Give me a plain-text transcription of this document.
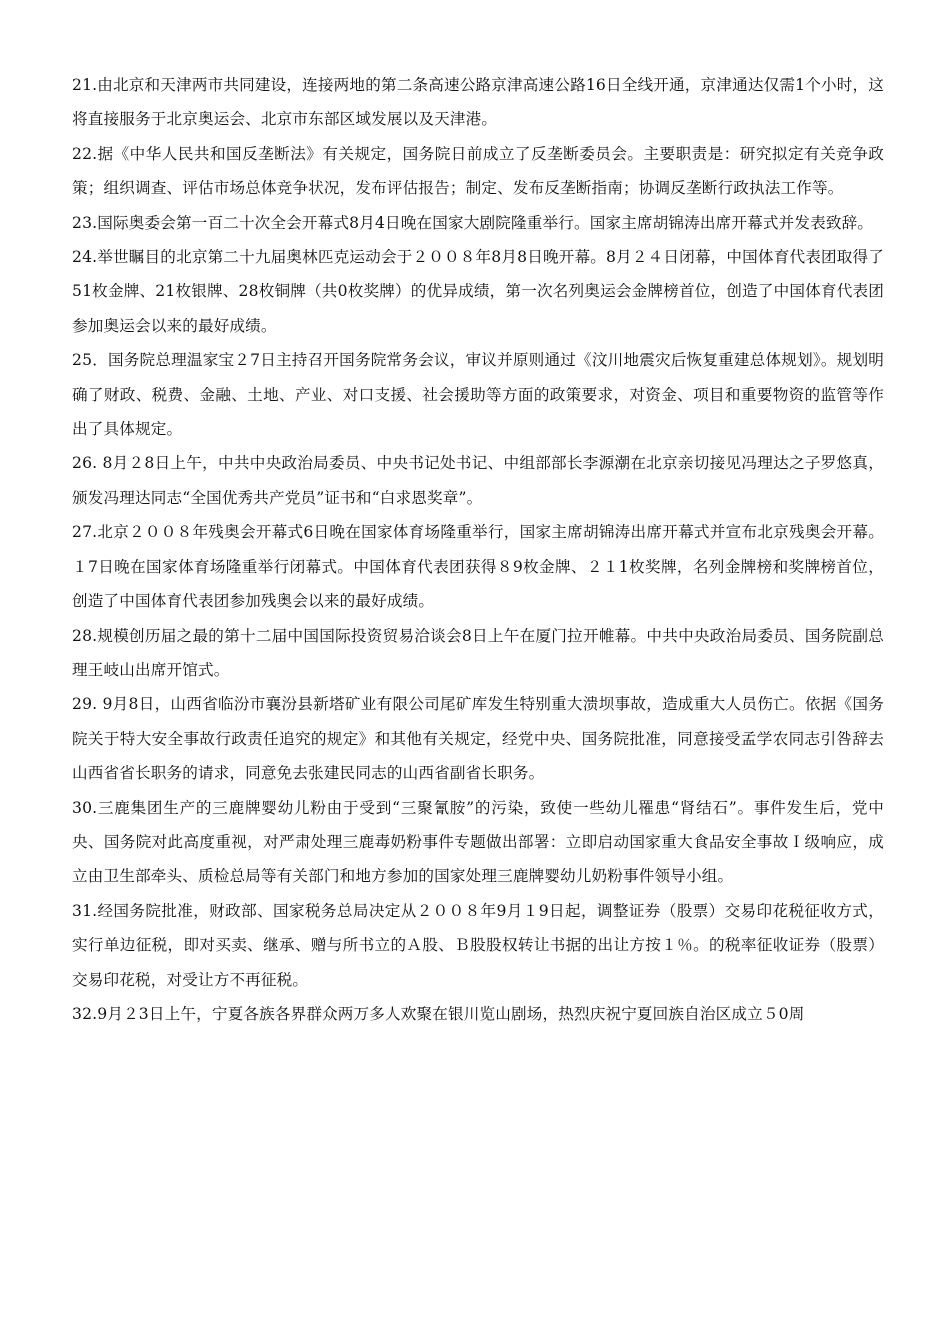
21.由北京和天津两市共同建设，连接两地的第二条高速公路京津高速公路16日全线开通，京津通达仅需1个小时，这将直接服务于北京奥运会、北京市东部区域发展以及天津港。

22.据《中华人民共和国反垄断法》有关规定，国务院日前成立了反垄断委员会。主要职责是：研究拟定有关竞争政策；组织调查、评估市场总体竞争状况，发布评估报告；制定、发布反垄断指南；协调反垄断行政执法工作等。

23.国际奥委会第一百二十次全会开幕式8月4日晚在国家大剧院隆重举行。国家主席胡锦涛出席开幕式并发表致辞。

24.举世瞩目的北京第二十九届奥林匹克运动会于２００８年8月8日晚开幕。8月２４日闭幕，中国体育代表团取得了51枚金牌、21枚银牌、28枚铜牌（共0枚奖牌）的优异成绩，第一次名列奥运会金牌榜首位，创造了中国体育代表团参加奥运会以来的最好成绩。

25．国务院总理温家宝２7日主持召开国务院常务会议，审议并原则通过《汶川地震灾后恢复重建总体规划》。规划明确了财政、税费、金融、土地、产业、对口支援、社会援助等方面的政策要求，对资金、项目和重要物资的监管等作出了具体规定。

26. 8月２8日上午，中共中央政治局委员、中央书记处书记、中组部部长李源潮在北京亲切接见冯理达之子罗悠真，颁发冯理达同志“全国优秀共产党员”证书和“白求恩奖章”。

27.北京２００８年残奥会开幕式6日晚在国家体育场隆重举行，国家主席胡锦涛出席开幕式并宣布北京残奥会开幕。１7日晚在国家体育场隆重举行闭幕式。中国体育代表团获得８9枚金牌、２１1枚奖牌，名列金牌榜和奖牌榜首位，创造了中国体育代表团参加残奥会以来的最好成绩。

28.规模创历届之最的第十二届中国国际投资贸易洽谈会8日上午在厦门拉开帷幕。中共中央政治局委员、国务院副总理王岐山出席开馆式。

29. 9月8日，山西省临汾市襄汾县新塔矿业有限公司尾矿库发生特别重大溃坝事故，造成重大人员伤亡。依据《国务院关于特大安全事故行政责任追究的规定》和其他有关规定，经党中央、国务院批准，同意接受孟学农同志引咎辞去山西省省长职务的请求，同意免去张建民同志的山西省副省长职务。

30.三鹿集团生产的三鹿牌婴幼儿粉由于受到“三聚氰胺”的污染，致使一些幼儿罹患“肾结石”。事件发生后，党中央、国务院对此高度重视，对严肃处理三鹿毒奶粉事件专题做出部署：立即启动国家重大食品安全事故Ｉ级响应，成立由卫生部牵头、质检总局等有关部门和地方参加的国家处理三鹿牌婴幼儿奶粉事件领导小组。

31.经国务院批准，财政部、国家税务总局决定从２００８年9月１9日起，调整证券（股票）交易印花税征收方式，实行单边征税，即对买卖、继承、赠与所书立的Ａ股、Ｂ股股权转让书据的出让方按１％。的税率征收证券（股票）交易印花税，对受让方不再征税。

32.9月２3日上午，宁夏各族各界群众两万多人欢聚在银川览山剧场，热烈庆祝宁夏回族自治区成立５0周
